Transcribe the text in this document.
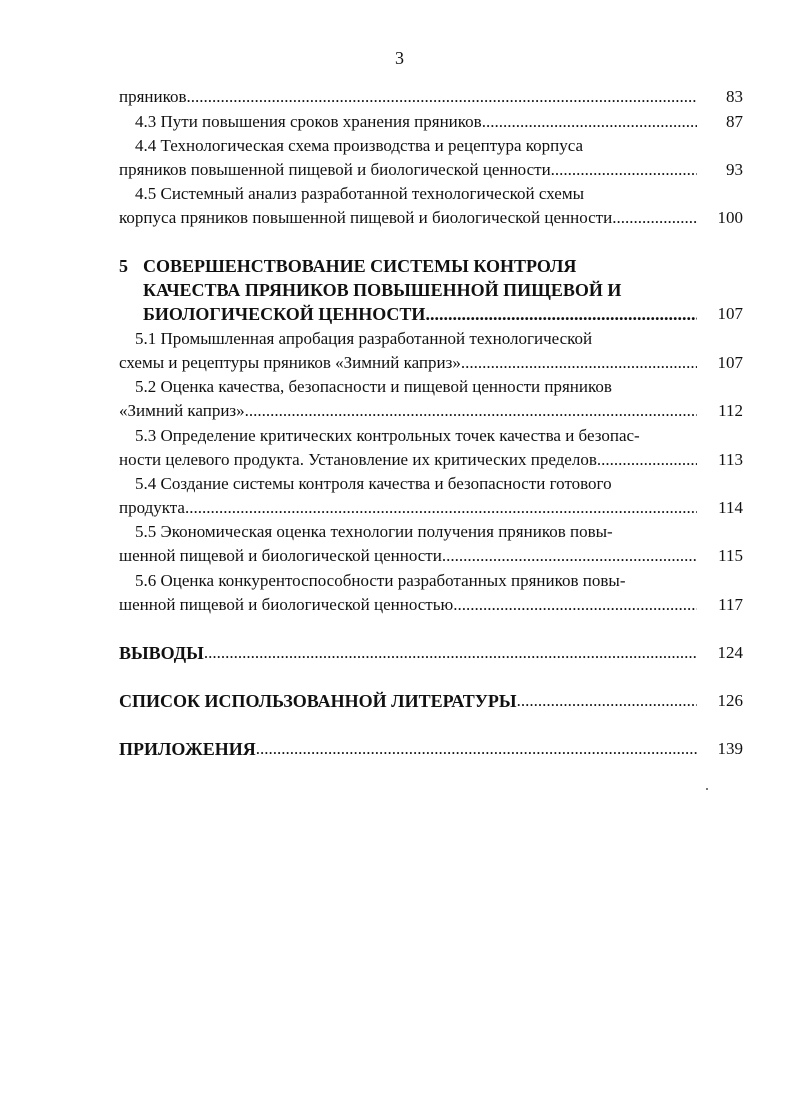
3
пряников.. .....	83
4.3 Пути повышения сроков хранения пряников .....	87
4.4 Технологическая схема производства и рецептура корпуса
пряников повышенной пищевой и биологической ценности .....	93
4.5 Системный анализ разработанной технологической схемы
корпуса пряников повышенной пищевой и биологической ценности.. .....	100
5 СОВЕРШЕНСТВОВАНИЕ СИСТЕМЫ КОНТРОЛЯ
КАЧЕСТВА ПРЯНИКОВ ПОВЫШЕННОЙ ПИЩЕВОЙ И
БИОЛОГИЧЕСКОЙ ЦЕННОСТИ .....	107
5.1 Промышленная апробация разработанной технологической
схемы и рецептуры пряников «Зимний каприз» .....	107
5.2 Оценка качества, безопасности и пищевой ценности пряников
«Зимний каприз» .....	112
5.3 Определение критических контрольных точек качества и безопас-
ности целевого продукта. Установление их критических пределов .....	113
5.4 Создание системы контроля качества и безопасности готового
продукта .....	114
5.5 Экономическая оценка технологии получения пряников повы-
шенной пищевой и биологической ценности .....	115
5.6 Оценка конкурентоспособности разработанных пряников повы-
шенной пищевой и биологической ценностью .....	117
ВЫВОДЫ .....	124
СПИСОК ИСПОЛЬЗОВАННОЙ ЛИТЕРАТУРЫ .....	126
ПРИЛОЖЕНИЯ .....	139
